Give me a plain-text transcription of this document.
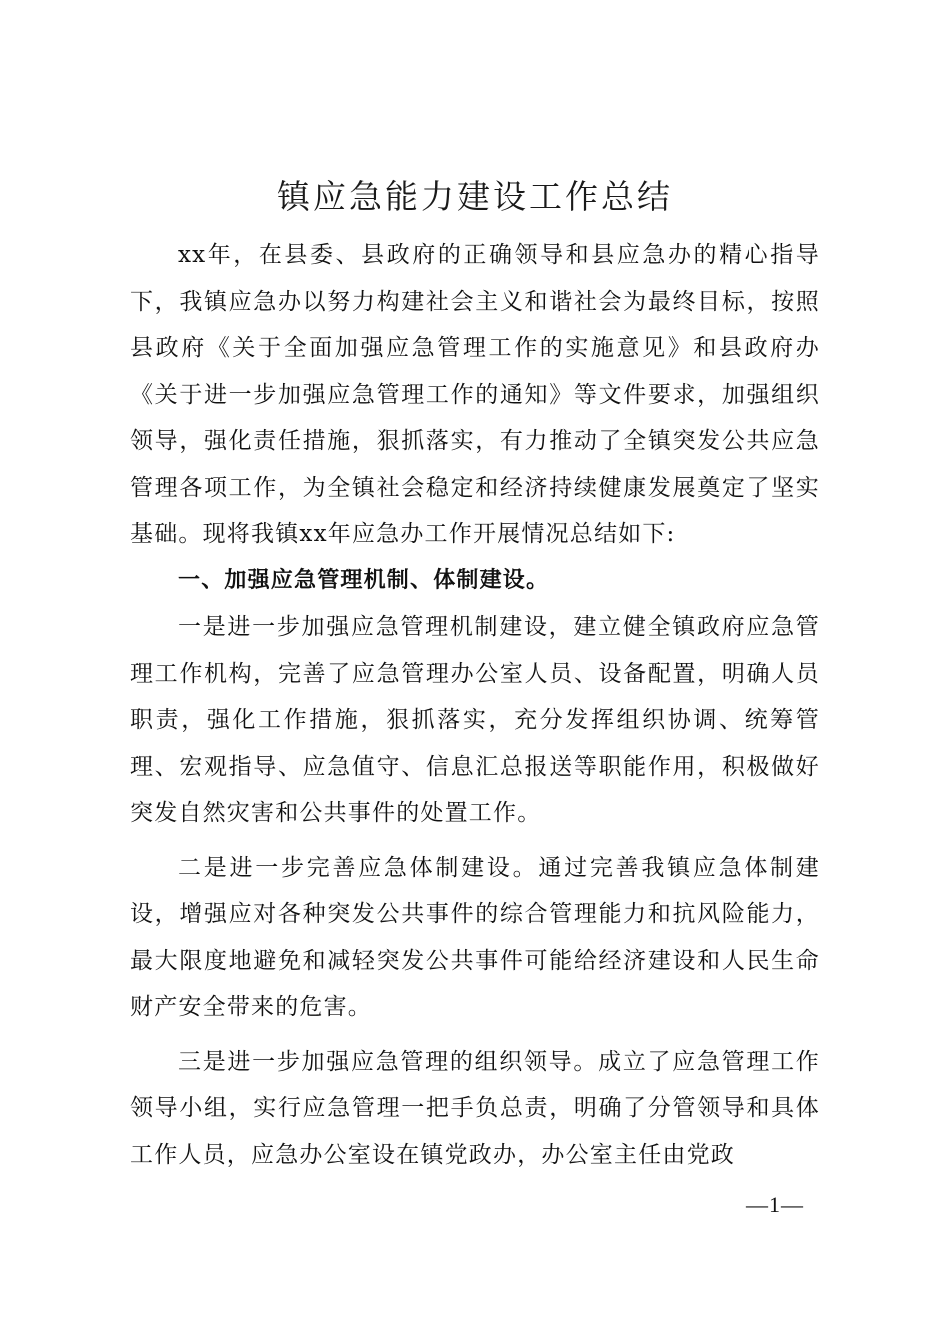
镇应急能力建设工作总结

xx年，在县委、县政府的正确领导和县应急办的精心指导下，我镇应急办以努力构建社会主义和谐社会为最终目标，按照县政府《关于全面加强应急管理工作的实施意见》和县政府办《关于进一步加强应急管理工作的通知》等文件要求，加强组织领导，强化责任措施，狠抓落实，有力推动了全镇突发公共应急管理各项工作，为全镇社会稳定和经济持续健康发展奠定了坚实基础。现将我镇xx年应急办工作开展情况总结如下:

一、加强应急管理机制、体制建设。

一是进一步加强应急管理机制建设，建立健全镇政府应急管理工作机构，完善了应急管理办公室人员、设备配置，明确人员职责，强化工作措施，狠抓落实，充分发挥组织协调、统筹管理、宏观指导、应急值守、信息汇总报送等职能作用，积极做好突发自然灾害和公共事件的处置工作。

二是进一步完善应急体制建设。通过完善我镇应急体制建设，增强应对各种突发公共事件的综合管理能力和抗风险能力，最大限度地避免和减轻突发公共事件可能给经济建设和人民生命财产安全带来的危害。

三是进一步加强应急管理的组织领导。成立了应急管理工作领导小组，实行应急管理一把手负总责，明确了分管领导和具体工作人员，应急办公室设在镇党政办，办公室主任由党政

—1—
